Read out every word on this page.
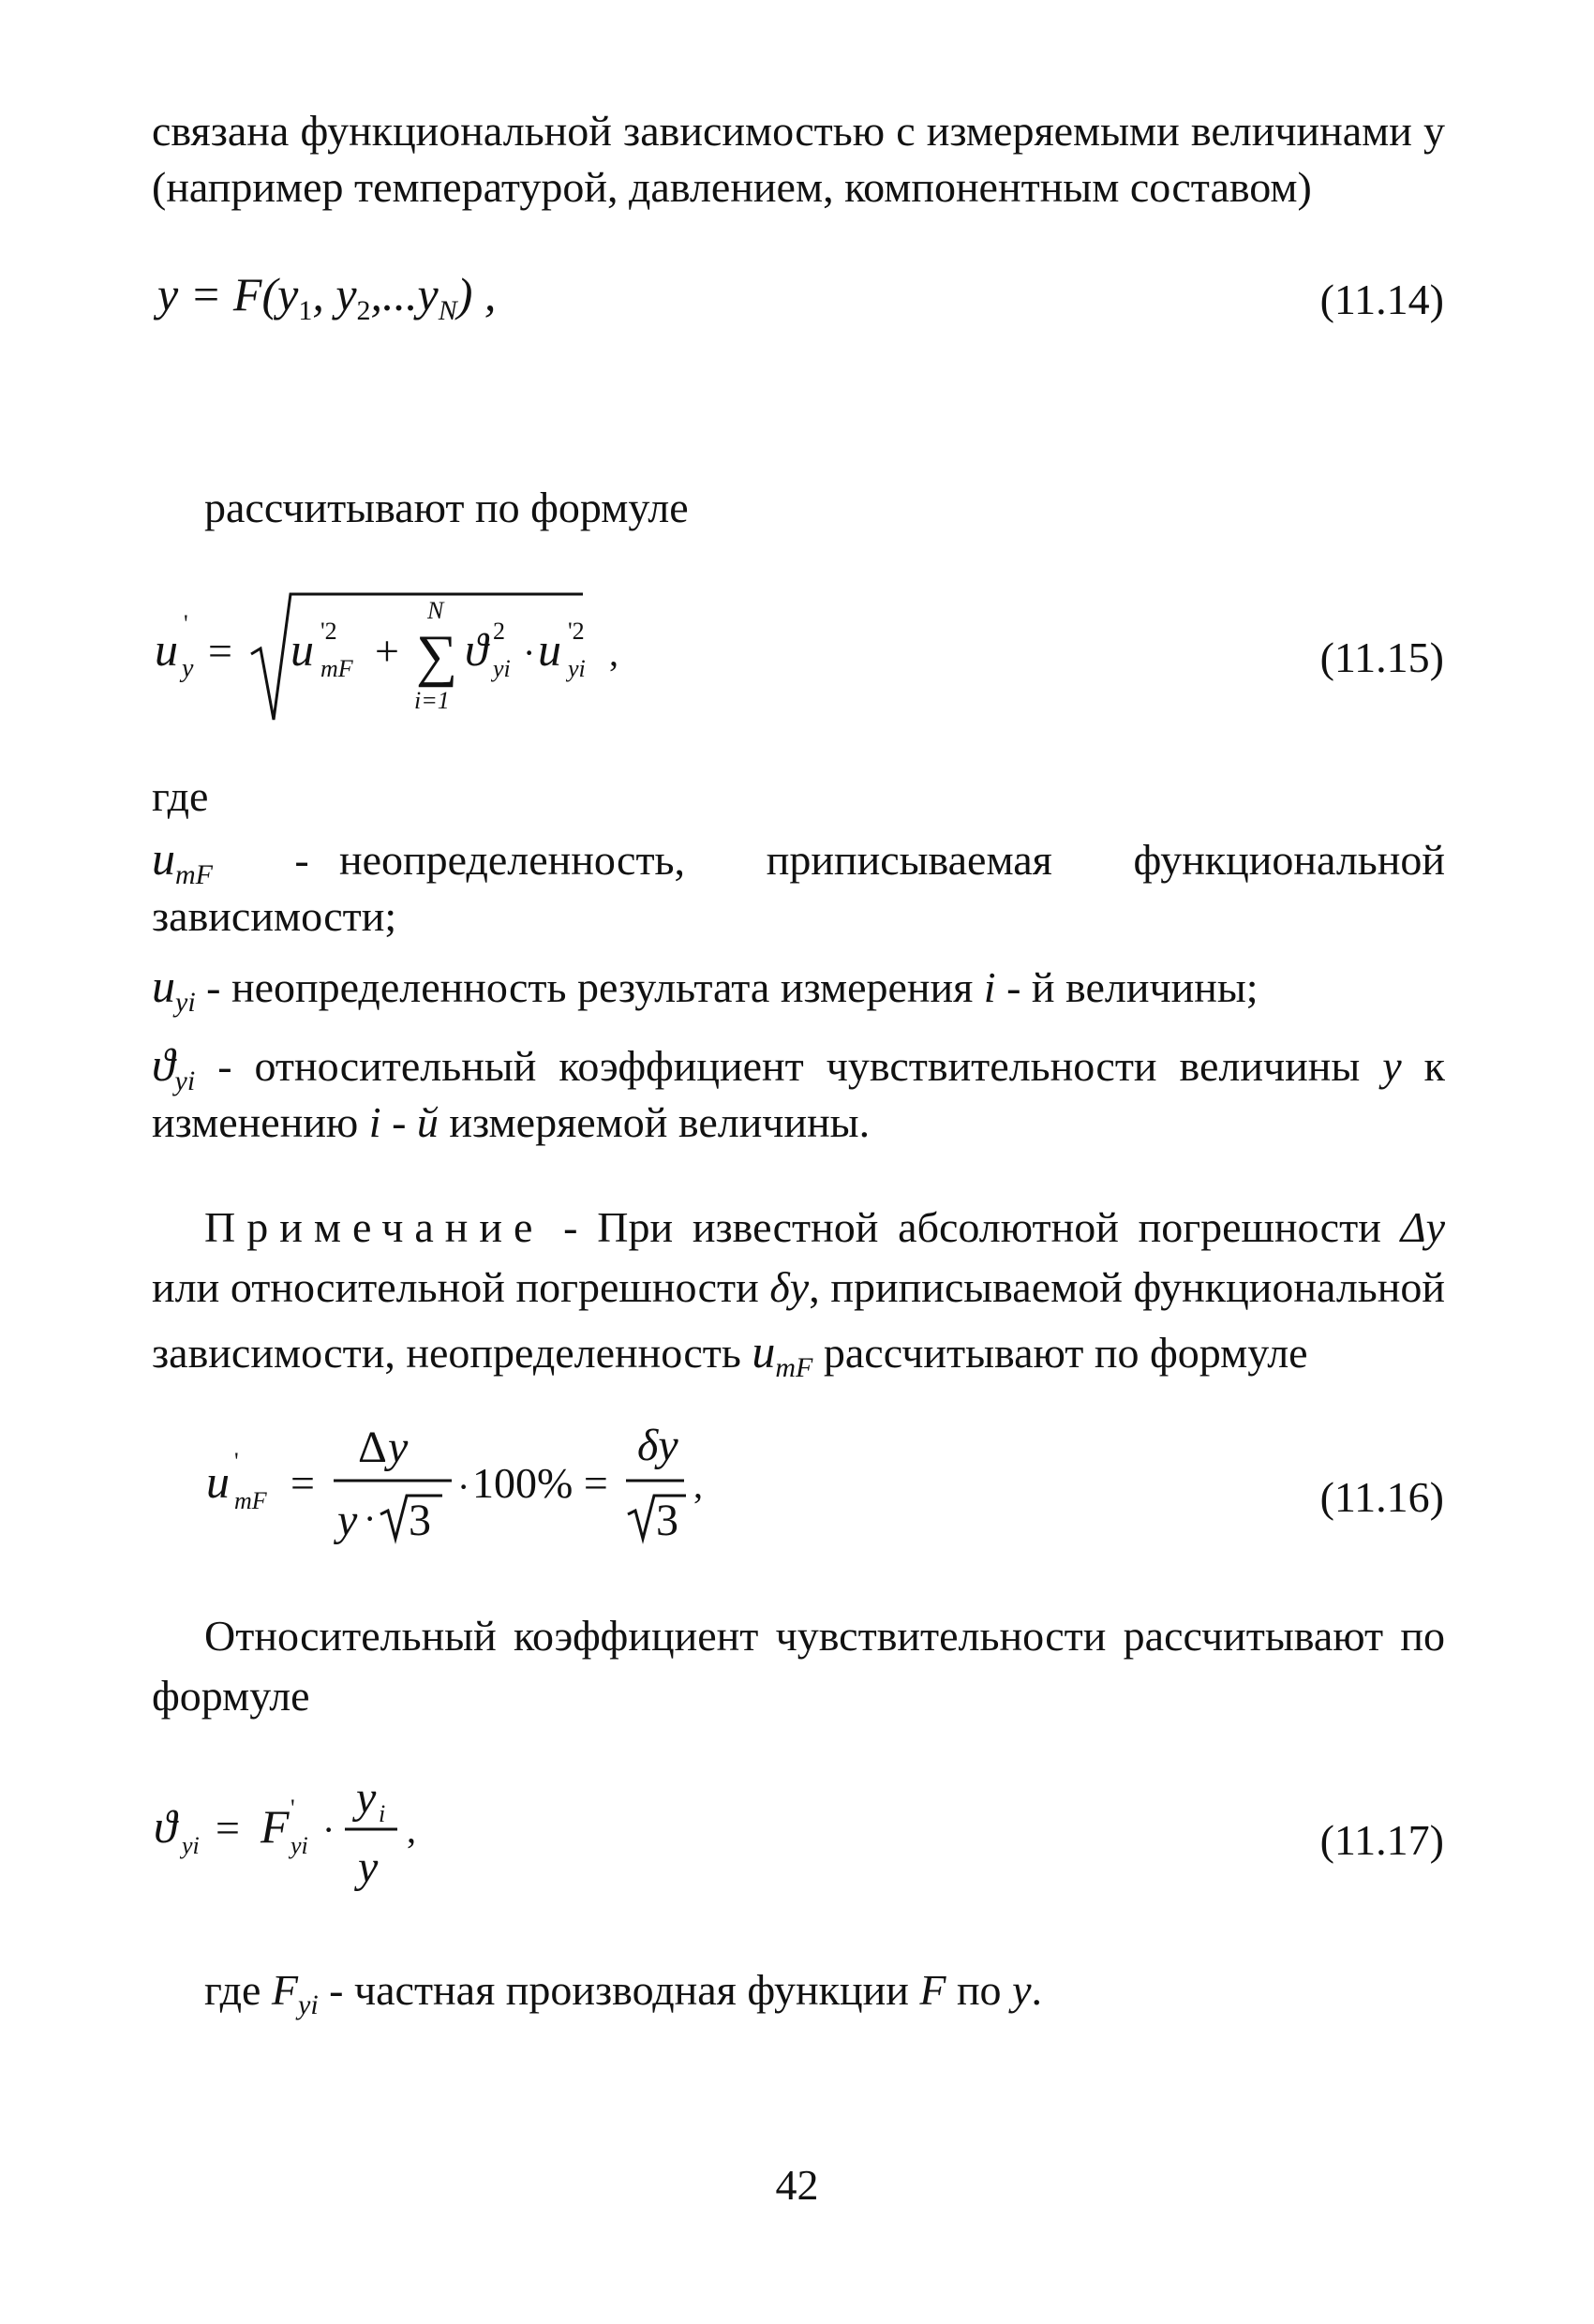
связана функциональной зависимостью с измеряемыми величинами у
(например температурой, давлением, компонентным составом)
$y = F(y_1$, $y_2,...y_N$) ,	(11.14)
рассчитывают по формуле
u '
y = u '2
mF + ∑
N
i=1
ϑ 2
yi · u '2
yi ,	(11.15)
где
$u_{mF}$	- неопределенность, приписываемая функциональной
зависимости;
$u_{yi}$ - неопределенность результата измерения i - й величины;
$ϑ_{yi}$ - относительный коэффициент чувствительности величины y к
изменению i - й измеряемой величины.
Примечание - При известной абсолютной погрешности Δy
или относительной погрешности δy, приписываемой функциональной
зависимости, неопределенность $u_{mF}$ рассчитывают по формуле
u '
mF =
Δ y
y · 3
· 100% =
δy
3
,	(11.16)
Относительный коэффициент чувствительности рассчитывают по
формуле
ϑ yi = F '
yi ·
y i
y
,	(11.17)
где $F_{yi}$ - частная производная функции F по y.
42
